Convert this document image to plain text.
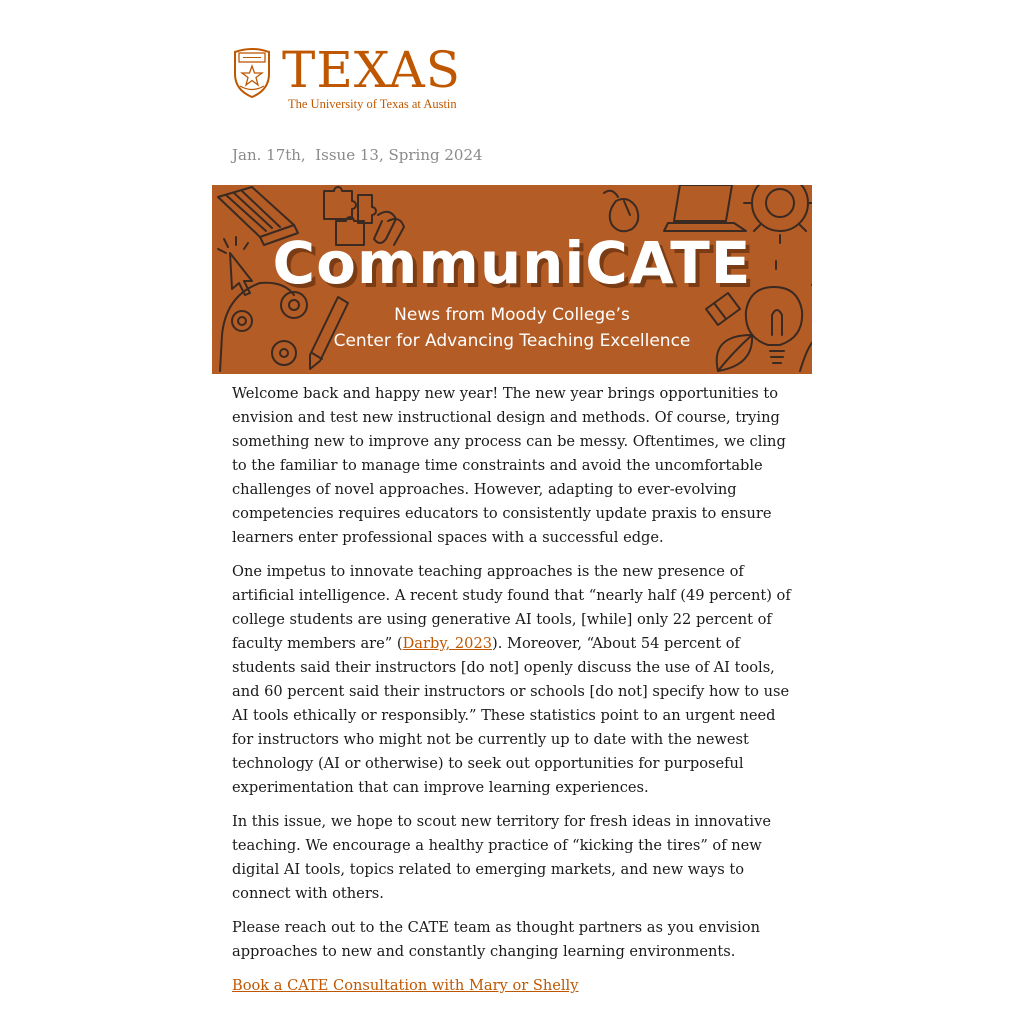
TEXAS
The University of Texas at Austin
Jan. 17th,  Issue 13, Spring 2024
CommuniCATE
News from Moody College’s
Center for Advancing Teaching Excellence

Welcome back and happy new year! The new year brings opportunities to envision and test new instructional design and methods. Of course, trying something new to improve any process can be messy. Oftentimes, we cling to the familiar to manage time constraints and avoid the uncomfortable challenges of novel approaches. However, adapting to ever-evolving competencies requires educators to consistently update praxis to ensure learners enter professional spaces with a successful edge.

One impetus to innovate teaching approaches is the new presence of artificial intelligence. A recent study found that “nearly half (49 percent) of college students are using generative AI tools, [while] only 22 percent of faculty members are” (Darby, 2023). Moreover, “About 54 percent of students said their instructors [do not] openly discuss the use of AI tools, and 60 percent said their instructors or schools [do not] specify how to use AI tools ethically or responsibly.” These statistics point to an urgent need for instructors who might not be currently up to date with the newest technology (AI or otherwise) to seek out opportunities for purposeful experimentation that can improve learning experiences.

In this issue, we hope to scout new territory for fresh ideas in innovative teaching. We encourage a healthy practice of “kicking the tires” of new digital AI tools, topics related to emerging markets, and new ways to connect with others.

Please reach out to the CATE team as thought partners as you envision approaches to new and constantly changing learning environments.

Book a CATE Consultation with Mary or Shelly
